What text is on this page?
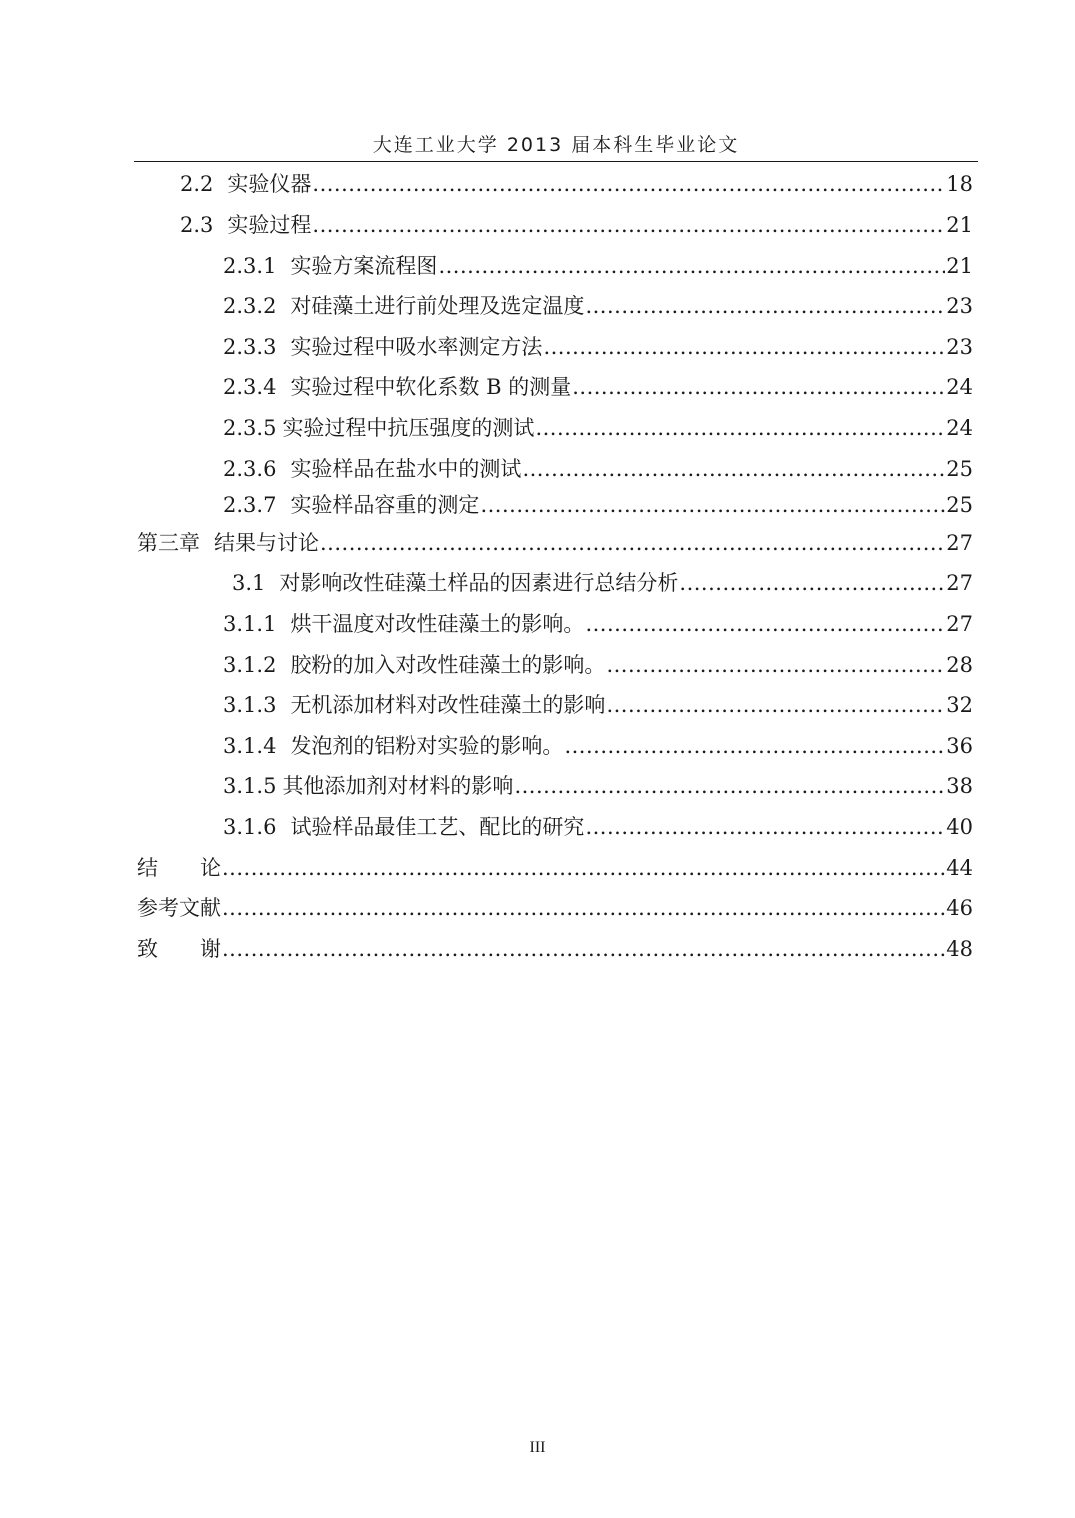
大连工业大学 2013 届本科生毕业论文
2.2 实验仪器 .....	18
2.3 实验过程 .....	21
2.3.1 实验方案流程图 .....	21
2.3.2 对硅藻土进行前处理及选定温度 .....	23
2.3.3 实验过程中吸水率测定方法 .....	23
2.3.4 实验过程中软化系数 B 的测量 .....	24
2.3.5 实验过程中抗压强度的测试 .....	24
2.3.6 实验样品在盐水中的测试 .....	25
2.3.7 实验样品容重的测定 .....	25
第三章 结果与讨论 .....	27
3.1 对影响改性硅藻土样品的因素进行总结分析 .....	27
3.1.1 烘干温度对改性硅藻土的影响。 .....	27
3.1.2 胶粉的加入对改性硅藻土的影响。 .....	28
3.1.3 无机添加材料对改性硅藻土的影响 .....	32
3.1.4 发泡剂的铝粉对实验的影响。 .....	36
3.1.5 其他添加剂对材料的影响 .....	38
3.1.6 试验样品最佳工艺、配比的研究 .....	40
结　　论 .....	44
参考文献 .....	46
致　　谢 .....	48
III
